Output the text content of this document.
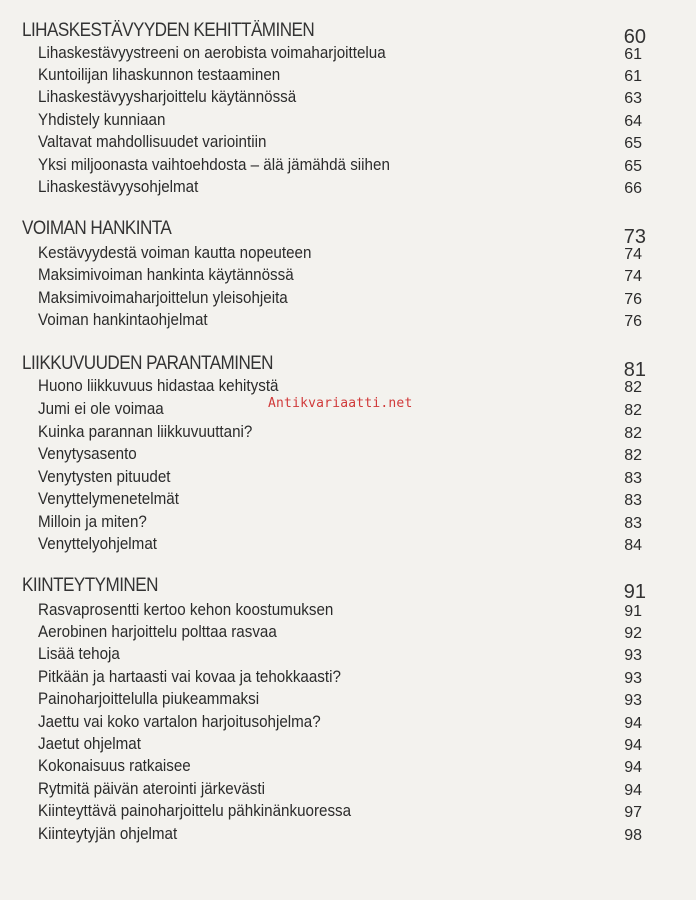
LIHASKESTÄVYYDEN KEHITTÄMINEN	60
Lihaskestävyystreeni on aerobista voimaharjoittelua	61
Kuntoilijan lihaskunnon testaaminen	61
Lihaskestävyysharjoittelu käytännössä	63
Yhdistely kunniaan	64
Valtavat mahdollisuudet variointiin	65
Yksi miljoonasta vaihtoehdosta – älä jämähdä siihen	65
Lihaskestävyysohjelmat	66
VOIMAN HANKINTA	73
Kestävyydestä voiman kautta nopeuteen	74
Maksimivoiman hankinta käytännössä	74
Maksimivoimaharjoittelun yleisohjeita	76
Voiman hankintaohjelmat	76
LIIKKUVUUDEN PARANTAMINEN	81
Huono liikkuvuus hidastaa kehitystä	82
Jumi ei ole voimaa	82
Kuinka parannan liikkuvuuttani?	82
Venytysasento	82
Venytysten pituudet	83
Venyttelymenetelmät	83
Milloin ja miten?	83
Venyttelyohjelmat	84
KIINTEYTYMINEN	91
Rasvaprosentti kertoo kehon koostumuksen	91
Aerobinen harjoittelu polttaa rasvaa	92
Lisää tehoja	93
Pitkään ja hartaasti vai kovaa ja tehokkaasti?	93
Painoharjoittelulla piukeammaksi	93
Jaettu vai koko vartalon harjoitusohjelma?	94
Jaetut ohjelmat	94
Kokonaisuus ratkaisee	94
Rytmitä päivän aterointi järkevästi	94
Kiinteyttävä painoharjoittelu pähkinänkuoressa	97
Kiinteytyjän ohjelmat	98
Antikvariaatti.net
